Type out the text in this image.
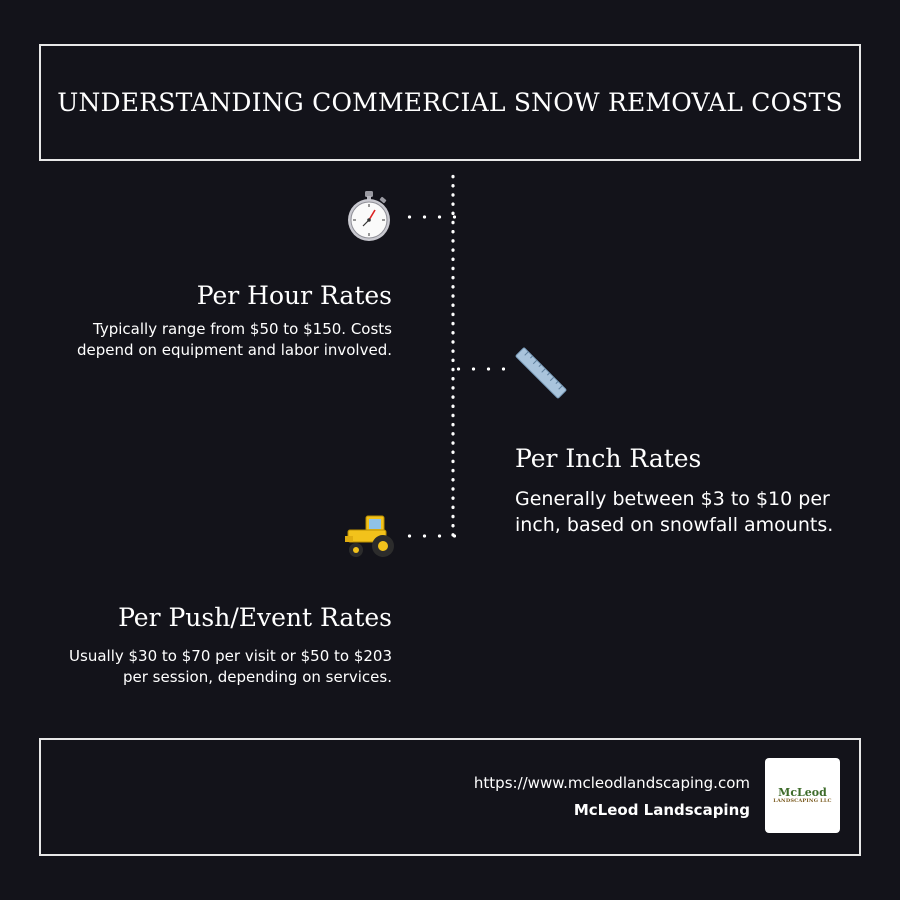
UNDERSTANDING COMMERCIAL SNOW REMOVAL COSTS
Per Hour Rates
Typically range from $50 to $150. Costs
depend on equipment and labor involved.
Per Inch Rates
Generally between $3 to $10 per
inch, based on snowfall amounts.
Per Push/Event Rates
Usually $30 to $70 per visit or $50 to $203
per session, depending on services.
https://www.mcleodlandscaping.com
McLeod Landscaping
McLeod
LANDSCAPING LLC
